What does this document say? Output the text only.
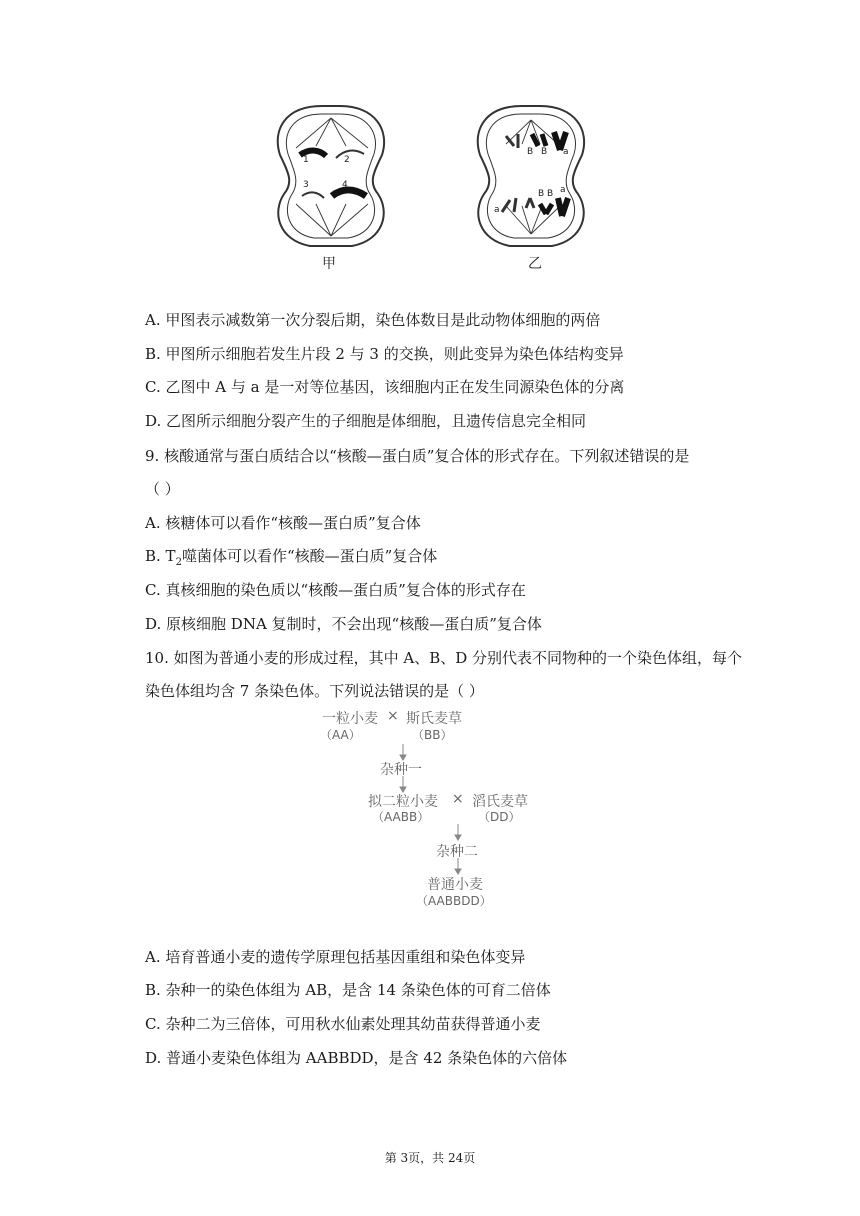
1	2
3	4
B B a
B B a
a
甲	乙
A. 甲图表示减数第一次分裂后期，染色体数目是此动物体细胞的两倍
B. 甲图所示细胞若发生片段 2 与 3 的交换，则此变异为染色体结构变异
C. 乙图中 A 与 a 是一对等位基因，该细胞内正在发生同源染色体的分离
D. 乙图所示细胞分裂产生的子细胞是体细胞，且遗传信息完全相同
9. 核酸通常与蛋白质结合以“核酸—蛋白质”复合体的形式存在。下列叙述错误的是
（ ）
A. 核糖体可以看作“核酸—蛋白质”复合体
B. $T_2$噬菌体可以看作“核酸—蛋白质”复合体
C. 真核细胞的染色质以“核酸—蛋白质”复合体的形式存在
D. 原核细胞 DNA 复制时，不会出现“核酸—蛋白质”复合体
10. 如图为普通小麦的形成过程，其中 A、B、D 分别代表不同物种的一个染色体组，每个
染色体组均含 7 条染色体。下列说法错误的是（ ）
一粒小麦 × 斯氏麦草
（AA）	（BB）
杂种一
拟二粒小麦 × 滔氏麦草
（AABB）	（DD）
杂种二
普通小麦
（AABBDD）
A. 培育普通小麦的遗传学原理包括基因重组和染色体变异
B. 杂种一的染色体组为 AB，是含 14 条染色体的可育二倍体
C. 杂种二为三倍体，可用秋水仙素处理其幼苗获得普通小麦
D. 普通小麦染色体组为 AABBDD，是含 42 条染色体的六倍体
第 3页，共 24页
